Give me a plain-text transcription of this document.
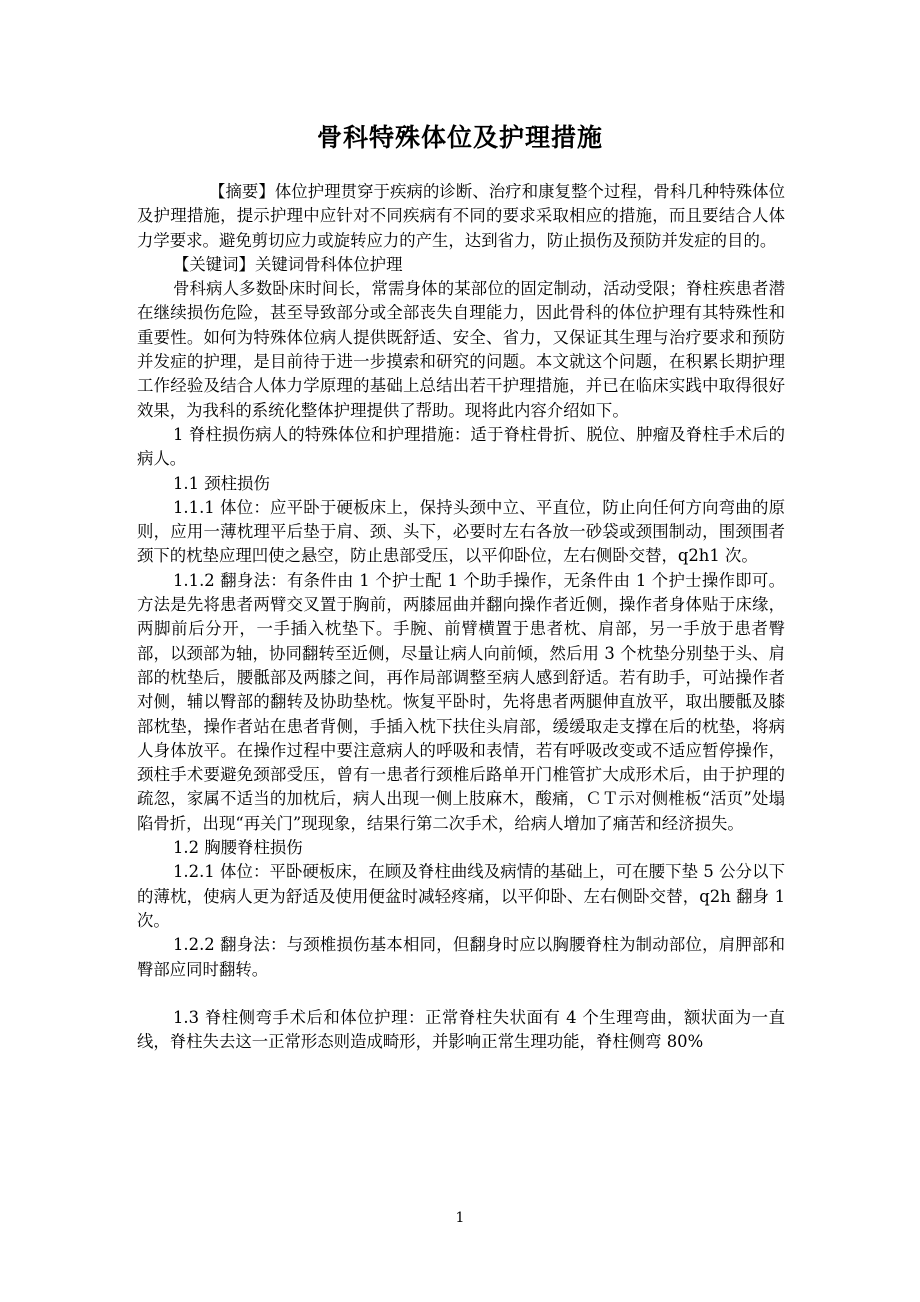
骨科特殊体位及护理措施

【摘要】体位护理贯穿于疾病的诊断、治疗和康复整个过程，骨科几种特殊体位及护理措施，提示护理中应针对不同疾病有不同的要求采取相应的措施，而且要结合人体力学要求。避免剪切应力或旋转应力的产生，达到省力，防止损伤及预防并发症的目的。

【关键词】关键词骨科体位护理

骨科病人多数卧床时间长，常需身体的某部位的固定制动，活动受限；脊柱疾患者潜在继续损伤危险，甚至导致部分或全部丧失自理能力，因此骨科的体位护理有其特殊性和重要性。如何为特殊体位病人提供既舒适、安全、省力，又保证其生理与治疗要求和预防并发症的护理，是目前待于进一步摸索和研究的问题。本文就这个问题，在积累长期护理工作经验及结合人体力学原理的基础上总结出若干护理措施，并已在临床实践中取得很好效果，为我科的系统化整体护理提供了帮助。现将此内容介绍如下。

1 脊柱损伤病人的特殊体位和护理措施：适于脊柱骨折、脱位、肿瘤及脊柱手术后的病人。

1.1 颈柱损伤

1.1.1 体位：应平卧于硬板床上，保持头颈中立、平直位，防止向任何方向弯曲的原则，应用一薄枕理平后垫于肩、颈、头下，必要时左右各放一砂袋或颈围制动，围颈围者颈下的枕垫应理凹使之悬空，防止患部受压，以平仰卧位，左右侧卧交替，q2h1 次。

1.1.2 翻身法：有条件由 1 个护士配 1 个助手操作，无条件由 1 个护士操作即可。方法是先将患者两臂交叉置于胸前，两膝屈曲并翻向操作者近侧，操作者身体贴于床缘，两脚前后分开，一手插入枕垫下。手腕、前臂横置于患者枕、肩部，另一手放于患者臀部，以颈部为轴，协同翻转至近侧，尽量让病人向前倾，然后用 3 个枕垫分别垫于头、肩部的枕垫后，腰骶部及两膝之间，再作局部调整至病人感到舒适。若有助手，可站操作者对侧，辅以臀部的翻转及协助垫枕。恢复平卧时，先将患者两腿伸直放平，取出腰骶及膝部枕垫，操作者站在患者背侧，手插入枕下扶住头肩部，缓缓取走支撑在后的枕垫，将病人身体放平。在操作过程中要注意病人的呼吸和表情，若有呼吸改变或不适应暂停操作，颈柱手术要避免颈部受压，曾有一患者行颈椎后路单开门椎管扩大成形术后，由于护理的疏忽，家属不适当的加枕后，病人出现一侧上肢麻木，酸痛，ＣＴ示对侧椎板“活页”处塌陷骨折，出现“再关门”现现象，结果行第二次手术，给病人增加了痛苦和经济损失。

1.2 胸腰脊柱损伤

1.2.1 体位：平卧硬板床，在顾及脊柱曲线及病情的基础上，可在腰下垫 5 公分以下的薄枕，使病人更为舒适及使用便盆时减轻疼痛，以平仰卧、左右侧卧交替，q2h 翻身 1 次。

1.2.2 翻身法：与颈椎损伤基本相同，但翻身时应以胸腰脊柱为制动部位，肩胛部和臀部应同时翻转。

1.3 脊柱侧弯手术后和体位护理：正常脊柱失状面有 4 个生理弯曲，额状面为一直线，脊柱失去这一正常形态则造成畸形，并影响正常生理功能，脊柱侧弯 80%

1
